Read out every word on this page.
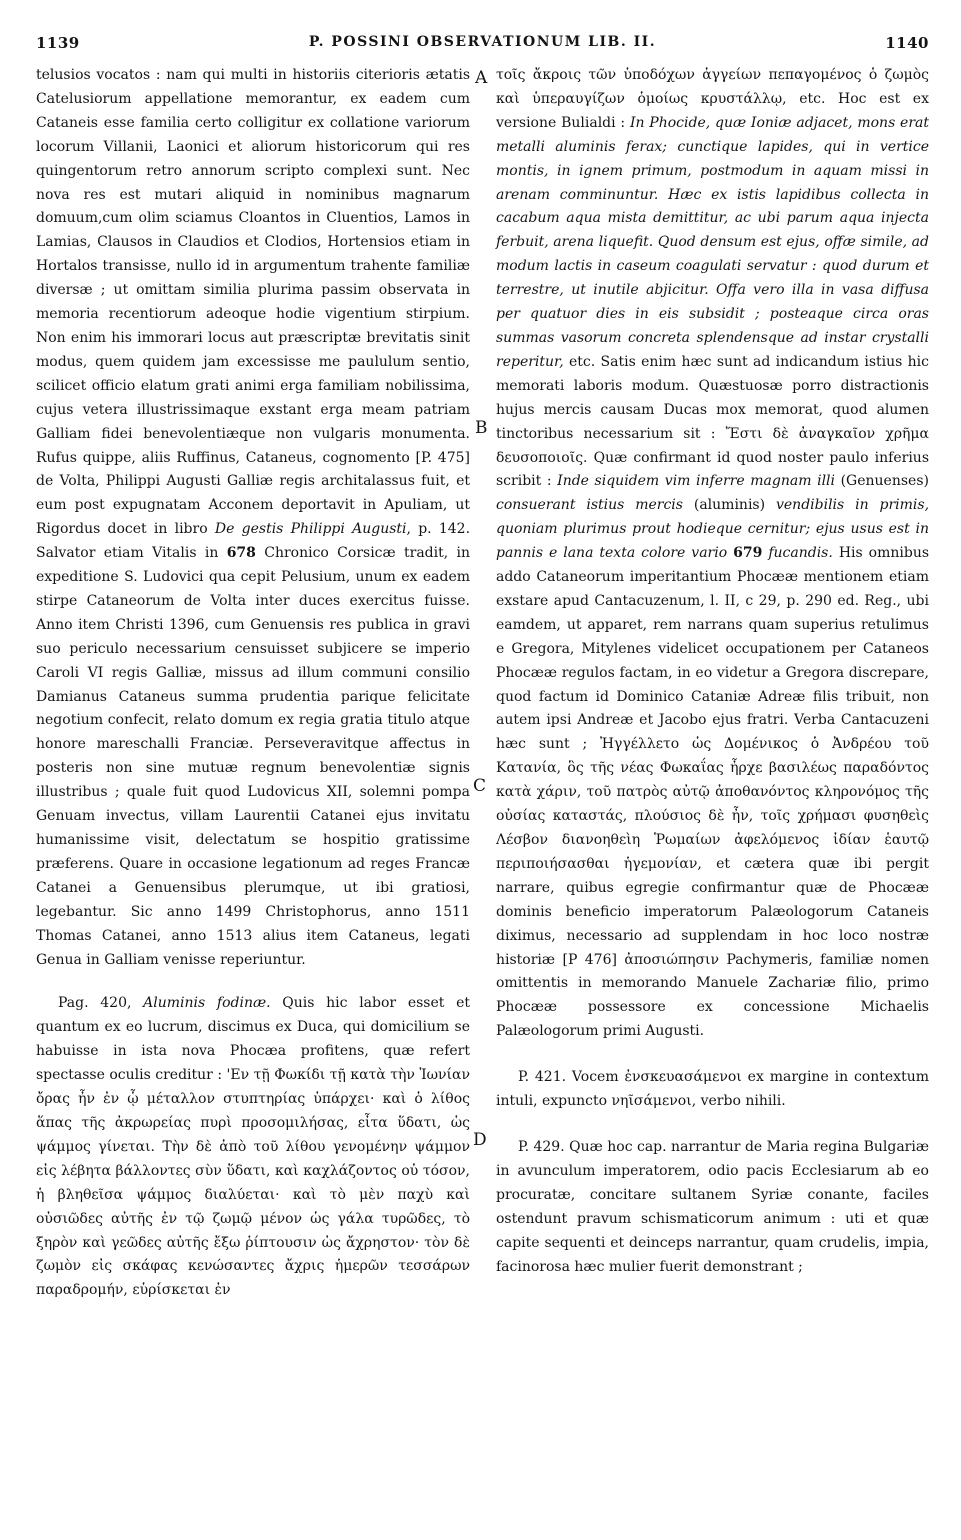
1139	P. POSSINI OBSERVATIONUM LIB. II.	1140

telusios vocatos : nam qui multi in historiis citerioris ætatis Catelusiorum appellatione memorantur, ex eadem cum Cataneis esse familia certo colligitur ex collatione variorum locorum Villanii, Laonici et aliorum historicorum qui res quingentorum retro annorum scripto complexi sunt. Nec nova res est mutari aliquid in nominibus magnarum domuum,cum olim sciamus Cloantos in Cluentios, Lamos in Lamias, Clausos in Claudios et Clodios, Hortensios etiam in Hortalos transisse, nullo id in argumentum trahente familiæ diversæ ; ut omittam similia plurima passim observata in memoria recentiorum adeoque hodie vigentium stirpium. Non enim his immorari locus aut præscriptæ brevitatis sinit modus, quem quidem jam excessisse me paululum sentio, scilicet officio elatum grati animi erga familiam nobilissima, cujus vetera illustrissimaque exstant erga meam patriam Galliam fidei benevolentiæque non vulgaris monumenta. Rufus quippe, aliis Ruffinus, Cataneus, cognomento [P. 475] de Volta, Philippi Augusti Galliæ regis architalassus fuit, et eum post expugnatam Acconem deportavit in Apuliam, ut Rigordus docet in libro De gestis Philippi Augusti, p. 142. Salvator etiam Vitalis in 678 Chronico Corsicæ tradit, in expeditione S. Ludovici qua cepit Pelusium, unum ex eadem stirpe Cataneorum de Volta inter duces exercitus fuisse. Anno item Christi 1396, cum Genuensis res publica in gravi suo periculo necessarium censuisset subjicere se imperio Caroli VI regis Galliæ, missus ad illum communi consilio Damianus Cataneus summa prudentia parique felicitate negotium confecit, relato domum ex regia gratia titulo atque honore mareschalli Franciæ. Perseveravitque affectus in posteris non sine mutuæ regnum benevolentiæ signis illustribus ; quale fuit quod Ludovicus XII, solemni pompa Genuam invectus, villam Laurentii Catanei ejus invitatu humanissime visit, delectatum se hospitio gratissime præferens. Quare in occasione legationum ad reges Francæ Catanei a Genuensibus plerumque, ut ibi gratiosi, legebantur. Sic anno 1499 Christophorus, anno 1511 Thomas Catanei, anno 1513 alius item Cataneus, legati Genua in Galliam venisse reperiuntur.

Pag. 420, Aluminis fodinæ. Quis hic labor esset et quantum ex eo lucrum, discimus ex Duca, qui domicilium se habuisse in ista nova Phocæa profitens, quæ refert spectasse oculis creditur : 'Εν τῇ Φωκίδι τῇ κατὰ τὴν Ἰωνίαν ὄρας ἦν ἐν ᾧ μέταλλον στυπτηρίας ὑπάρχει· καὶ ὁ λίθος ἅπας τῆς ἀκρωρείας πυρὶ προσομιλήσας, εἶτα ὕδατι, ὡς ψάμμος γίνεται. Τὴν δὲ ἀπὸ τοῦ λίθου γενομένην ψάμμον εἰς λέβητα βάλλοντες σὺν ὕδατι, καὶ καχλάζοντος οὐ τόσον, ἡ βληθεῖσα ψάμμος διαλύεται· καὶ τὸ μὲν παχὺ καὶ οὐσιῶδες αὐτῆς ἐν τῷ ζωμῷ μένον ὡς γάλα τυρῶδες, τὸ ξηρὸν καὶ γεῶδες αὐτῆς ἔξω ῥίπτουσιν ὡς ἄχρηστον· τὸν δὲ ζωμὸν εἰς σκάφας κενώσαντες ἄχρις ἡμερῶν τεσσάρων παραδρομήν, εὑρίσκεται ἐν

τοῖς ἄκροις τῶν ὑποδόχων ἀγγείων πεπαγομένος ὁ ζωμὸς καὶ ὑπεραυγίζων ὁμοίως κρυστάλλῳ, etc. Hoc est ex versione Bulialdi : In Phocide, quæ Ioniæ adjacet, mons erat metalli aluminis ferax; cunctique lapides, qui in vertice montis, in ignem primum, postmodum in aquam missi in arenam comminuntur. Hæc ex istis lapidibus collecta in cacabum aqua mista demittitur, ac ubi parum aqua injecta ferbuit, arena liquefit. Quod densum est ejus, offæ simile, ad modum lactis in caseum coagulati servatur : quod durum et terrestre, ut inutile abjicitur. Offa vero illa in vasa diffusa per quatuor dies in eis subsidit ; posteaque circa oras summas vasorum concreta splendensque ad instar crystalli reperitur, etc. Satis enim hæc sunt ad indicandum istius hic memorati laboris modum. Quæstuosæ porro distractionis hujus mercis causam Ducas mox memorat, quod alumen tinctoribus necessarium sit : Ἔστι δὲ ἀναγκαῖον χρῆμα δευσοποιοῖς. Quæ confirmant id quod noster paulo inferius scribit : Inde siquidem vim inferre magnam illi (Genuenses) consuerant istius mercis (aluminis) vendibilis in primis, quoniam plurimus prout hodieque cernitur; ejus usus est in pannis e lana texta colore vario 679 fucandis. His omnibus addo Cataneorum imperitantium Phocææ mentionem etiam exstare apud Cantacuzenum, l. II, c 29, p. 290 ed. Reg., ubi eamdem, ut apparet, rem narrans quam superius retulimus e Gregora, Mitylenes videlicet occupationem per Cataneos Phocææ regulos factam, in eo videtur a Gregora discrepare, quod factum id Dominico Cataniæ Adreæ filis tribuit, non autem ipsi Andreæ et Jacobo ejus fratri. Verba Cantacuzeni hæc sunt ; Ἠγγέλλετο ὡς Δομένικος ὁ Ἀνδρέου τοῦ Κατανία, ὃς τῆς νέας Φωκαΐας ἦρχε βασιλέως παραδόντος κατὰ χάριν, τοῦ πατρὸς αὐτῷ ἀποθανόντος κληρονόμος τῆς οὐσίας καταστάς, πλούσιος δὲ ἦν, τοῖς χρήμασι φυσηθεὶς Λέσβον διανοηθεὶη Ῥωμαίων ἀφελόμενος ἰδίαν ἑαυτῷ περιποιήσασθαι ἡγεμονίαν, et cætera quæ ibi pergit narrare, quibus egregie confirmantur quæ de Phocææ dominis beneficio imperatorum Palæologorum Cataneis diximus, necessario ad supplendam in hoc loco nostræ historiæ [P 476] ἀποσιώπησιν Pachymeris, familiæ nomen omittentis in memorando Manuele Zachariæ filio, primo Phocææ possessore ex concessione Michaelis Palæologorum primi Augusti.

P. 421. Vocem ἐνσκευασάμενοι ex margine in contextum intuli, expuncto νηῖσάμενοι, verbo nihili.

P. 429. Quæ hoc cap. narrantur de Maria regina Bulgariæ in avunculum imperatorem, odio pacis Ecclesiarum ab eo procuratæ, concitare sultanem Syriæ conante, faciles ostendunt pravum schismaticorum animum : uti et quæ capite sequenti et deinceps narrantur, quam crudelis, impia, facinorosa hæc mulier fuerit demonstrant ;

A
B
C
D
